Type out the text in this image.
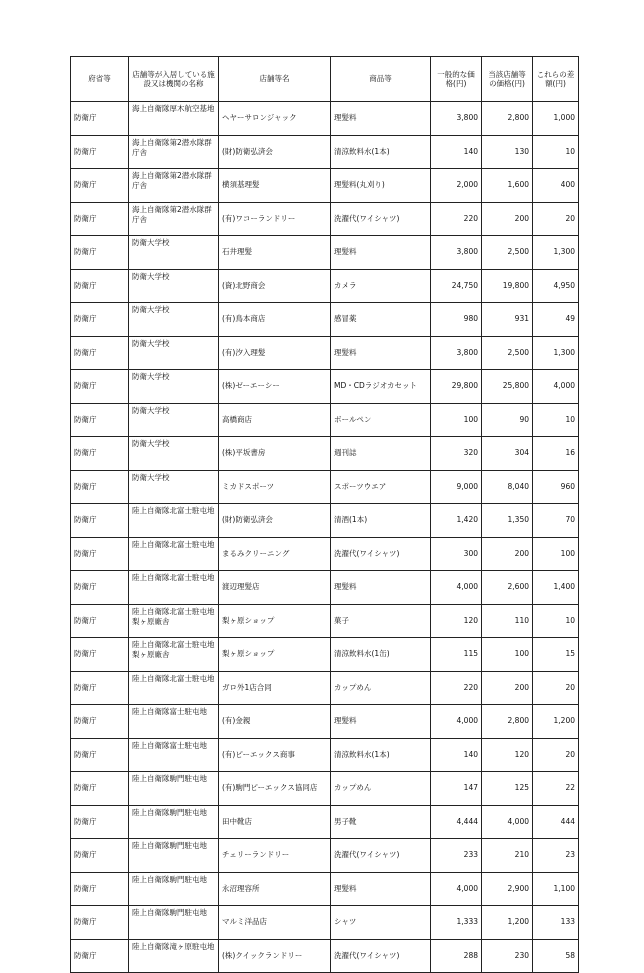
府省等	店舗等が入居している施設又は機関の名称	店舗等名	商品等	一般的な価格(円)	当該店舗等の価格(円)	これらの差額(円)
防衛庁	海上自衛隊厚木航空基地	ヘヤーサロンジャック	理髪料	3,800	2,800	1,000
防衛庁	海上自衛隊第2潜水隊群庁舎	(財)防衛弘済会	清涼飲料水(1本)	140	130	10
防衛庁	海上自衛隊第2潜水隊群庁舎	横須基理髪	理髪料(丸刈り)	2,000	1,600	400
防衛庁	海上自衛隊第2潜水隊群庁舎	(有)ワコーランドリー	洗濯代(ワイシャツ)	220	200	20
防衛庁	防衛大学校	石井理髪	理髪料	3,800	2,500	1,300
防衛庁	防衛大学校	(資)北野商会	カメラ	24,750	19,800	4,950
防衛庁	防衛大学校	(有)鳥本商店	感冒薬	980	931	49
防衛庁	防衛大学校	(有)汐入理髪	理髪料	3,800	2,500	1,300
防衛庁	防衛大学校	(株)ゼーエーシー	MD・CDラジオカセット	29,800	25,800	4,000
防衛庁	防衛大学校	高橋商店	ボールペン	100	90	10
防衛庁	防衛大学校	(株)平坂書房	週刊誌	320	304	16
防衛庁	防衛大学校	ミカドスポーツ	スポーツウエア	9,000	8,040	960
防衛庁	陸上自衛隊北富士駐屯地	(財)防衛弘済会	清酒(1本)	1,420	1,350	70
防衛庁	陸上自衛隊北富士駐屯地	まるみクリーニング	洗濯代(ワイシャツ)	300	200	100
防衛庁	陸上自衛隊北富士駐屯地	渡辺理髪店	理髪料	4,000	2,600	1,400
防衛庁	陸上自衛隊北富士駐屯地梨ヶ原廠舎	梨ヶ原ショップ	菓子	120	110	10
防衛庁	陸上自衛隊北富士駐屯地梨ヶ原廠舎	梨ヶ原ショップ	清涼飲料水(1缶)	115	100	15
防衛庁	陸上自衛隊北富士駐屯地	ガロ外1店合同	カップめん	220	200	20
防衛庁	陸上自衛隊富士駐屯地	(有)金親	理髪料	4,000	2,800	1,200
防衛庁	陸上自衛隊富士駐屯地	(有)ピーエックス商事	清涼飲料水(1本)	140	120	20
防衛庁	陸上自衛隊駒門駐屯地	(有)駒門ピーエックス協同店	カップめん	147	125	22
防衛庁	陸上自衛隊駒門駐屯地	田中靴店	男子靴	4,444	4,000	444
防衛庁	陸上自衛隊駒門駐屯地	チェリーランドリー	洗濯代(ワイシャツ)	233	210	23
防衛庁	陸上自衛隊駒門駐屯地	永沼理容所	理髪料	4,000	2,900	1,100
防衛庁	陸上自衛隊駒門駐屯地	マルミ洋品店	シャツ	1,333	1,200	133
防衛庁	陸上自衛隊滝ヶ原駐屯地	(株)クイックランドリー	洗濯代(ワイシャツ)	288	230	58
